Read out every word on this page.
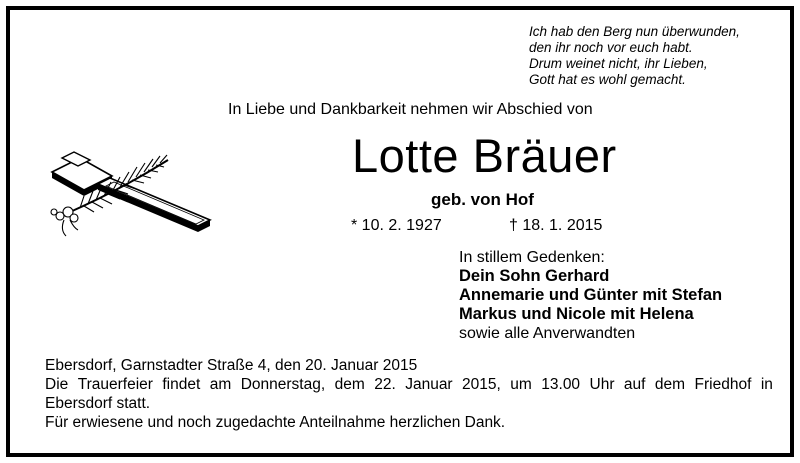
Ich hab den Berg nun überwunden,
den ihr noch vor euch habt.
Drum weinet nicht, ihr Lieben,
Gott hat es wohl gemacht.
In Liebe und Dankbarkeit nehmen wir Abschied von
Lotte Bräuer
geb. von Hof
* 10. 2. 1927	† 18. 1. 2015
In stillem Gedenken:
Dein Sohn Gerhard
Annemarie und Günter mit Stefan
Markus und Nicole mit Helena
sowie alle Anverwandten
Ebersdorf, Garnstadter Straße 4, den 20. Januar 2015
Die Trauerfeier findet am Donnerstag, dem 22. Januar 2015, um 13.00 Uhr auf dem Friedhof in
Ebersdorf statt.
Für erwiesene und noch zugedachte Anteilnahme herzlichen Dank.
